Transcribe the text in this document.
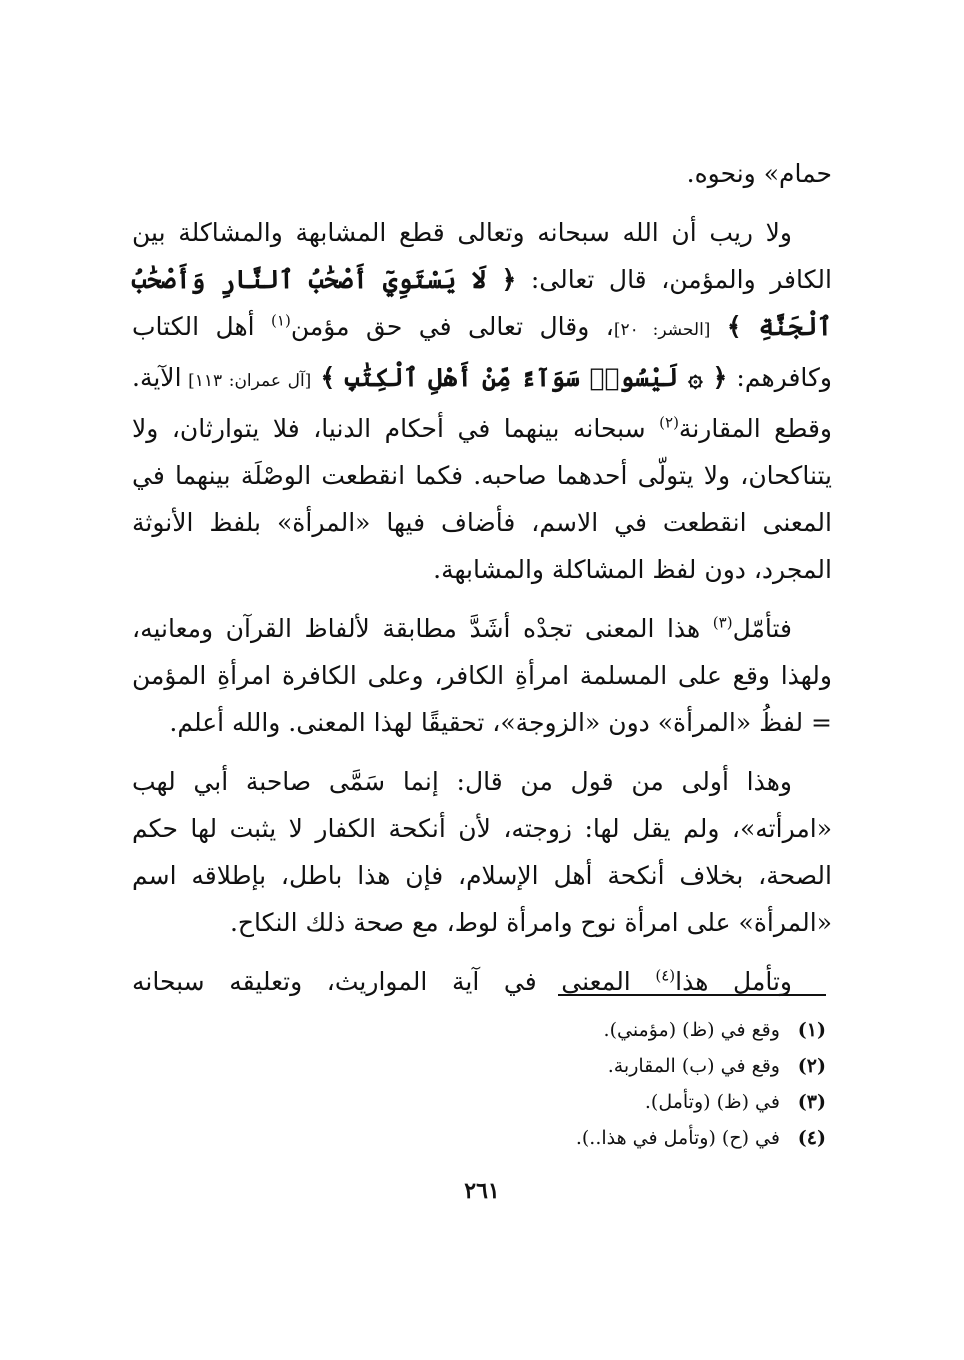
حمام» ونحوه.

ولا ريب أن الله سبحانه وتعالى قطع المشابهة والمشاكلة بين الكافر والمؤمن، قال تعالى: ﴿ لَا يَسْتَوِيٓ أَصْحَٰبُ ٱلنَّارِ وَأَصْحَٰبُ ٱلْجَنَّةِ ﴾ [الحشر: ٢٠]، وقال تعالى في حق مؤمن$^{(١)}$ أهل الكتاب وكافرهم: ﴿ ۞ لَيْسُوا۟ سَوَآءً مِّنْ أَهْلِ ٱلْكِتَٰبِ ﴾ [آل عمران: ١١٣] الآية. وقطع المقارنة$^{(٢)}$ سبحانه بينهما في أحكام الدنيا، فلا يتوارثان، ولا يتناكحان، ولا يتولّى أحدهما صاحبه. فكما انقطعت الوصْلَة بينهما في المعنى انقطعت في الاسم، فأضاف فيها «المرأة» بلفظ الأنوثة المجرد، دون لفظ المشاكلة والمشابهة.

فتأمّل$^{(٣)}$ هذا المعنى تجدْه أشَدَّ مطابقة لألفاظ القرآن ومعانيه، ولهذا وقع على المسلمة امرأةِ الكافر، وعلى الكافرة امرأةِ المؤمن = لفظُ «المرأة» دون «الزوجة»، تحقيقًا لهذا المعنى. والله أعلم.

وهذا أولى من قول من قال: إنما سَمَّى صاحبة أبي لهب «امرأته»، ولم يقل لها: زوجته، لأن أنكحة الكفار لا يثبت لها حكم الصحة، بخلاف أنكحة أهل الإسلام، فإن هذا باطل، بإطلاقه اسم «المرأة» على امرأة نوح وامرأة لوط، مع صحة ذلك النكاح.

وتأمل هذا$^{(٤)}$ المعنى في آية المواريث، وتعليقه سبحانه

(١) وقع في (ظ) (مؤمني).
(٢) وقع في (ب) المقاربة.
(٣) في (ظ) (وتأمل).
(٤) في (ح) (وتأمل في هذا..).
٢٦١
